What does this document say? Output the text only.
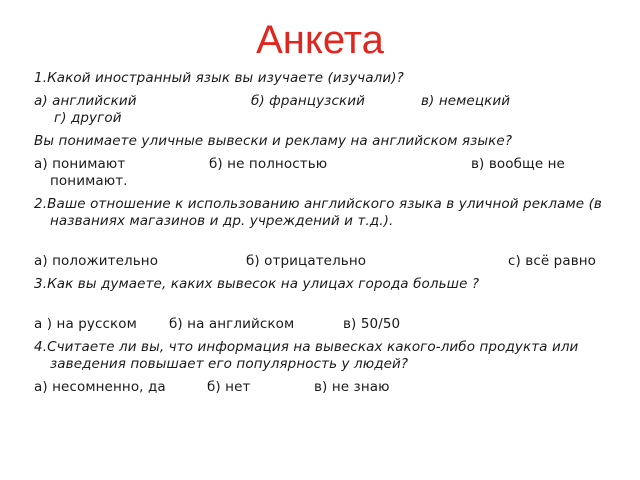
Анкета

1.Какой иностранный язык вы изучаете (изучали)?

а) английский	б) французский	в) немецкий
г) другой

Вы понимаете уличные вывески и рекламу на английском языке?

а) понимают	б) не полностью	в) вообще не понимают.

2.Ваше отношение к использованию английского языка в уличной рекламе (в названиях магазинов и др. учреждений и т.д.).

а) положительно	б) отрицательно	с) всё равно

3.Как вы думаете, каких вывесок на улицах города больше ?

а ) на русском б) на английском	в) 50/50

4.Считаете ли вы, что информация на вывесках какого-либо продукта или заведения повышает его популярность у людей?

а) несомненно, да	б) нет	в) не знаю
